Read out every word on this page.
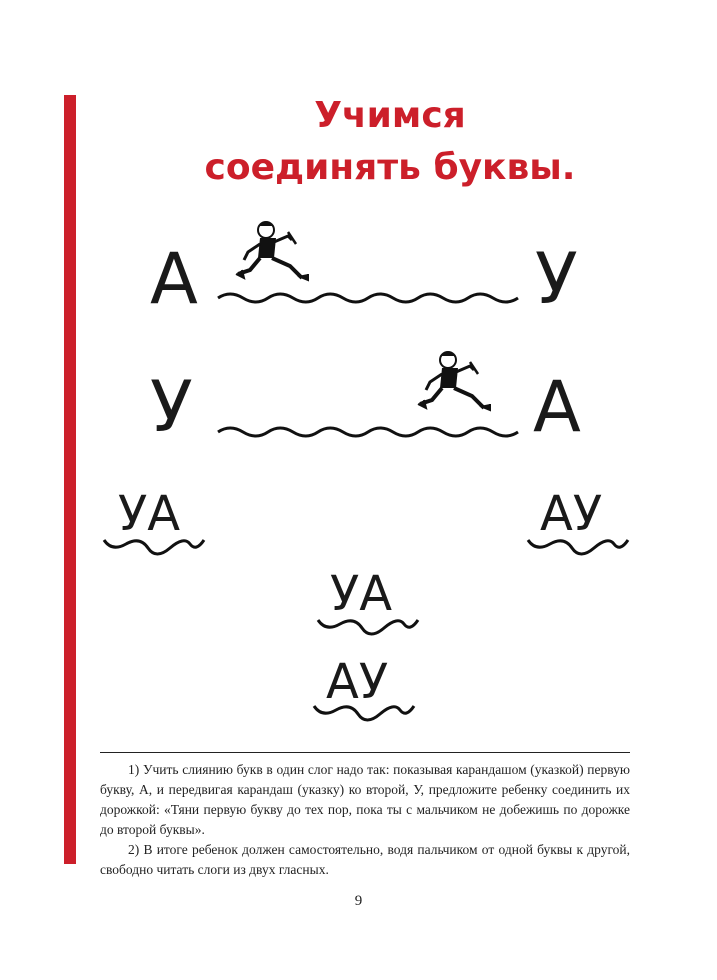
Учимся
соединять буквы.
А	У
У	А
УА	АУ
УА
АУ

1) Учить слиянию букв в один слог надо так: показывая карандашом (указкой) первую букву, А, и передвигая карандаш (указку) ко второй, У, предложите ребенку соединить их дорожкой: «Тяни первую букву до тех пор, пока ты с мальчиком не добежишь по дорожке до второй буквы».

2) В итоге ребенок должен самостоятельно, водя пальчиком от одной буквы к другой, свободно читать слоги из двух гласных.

9
